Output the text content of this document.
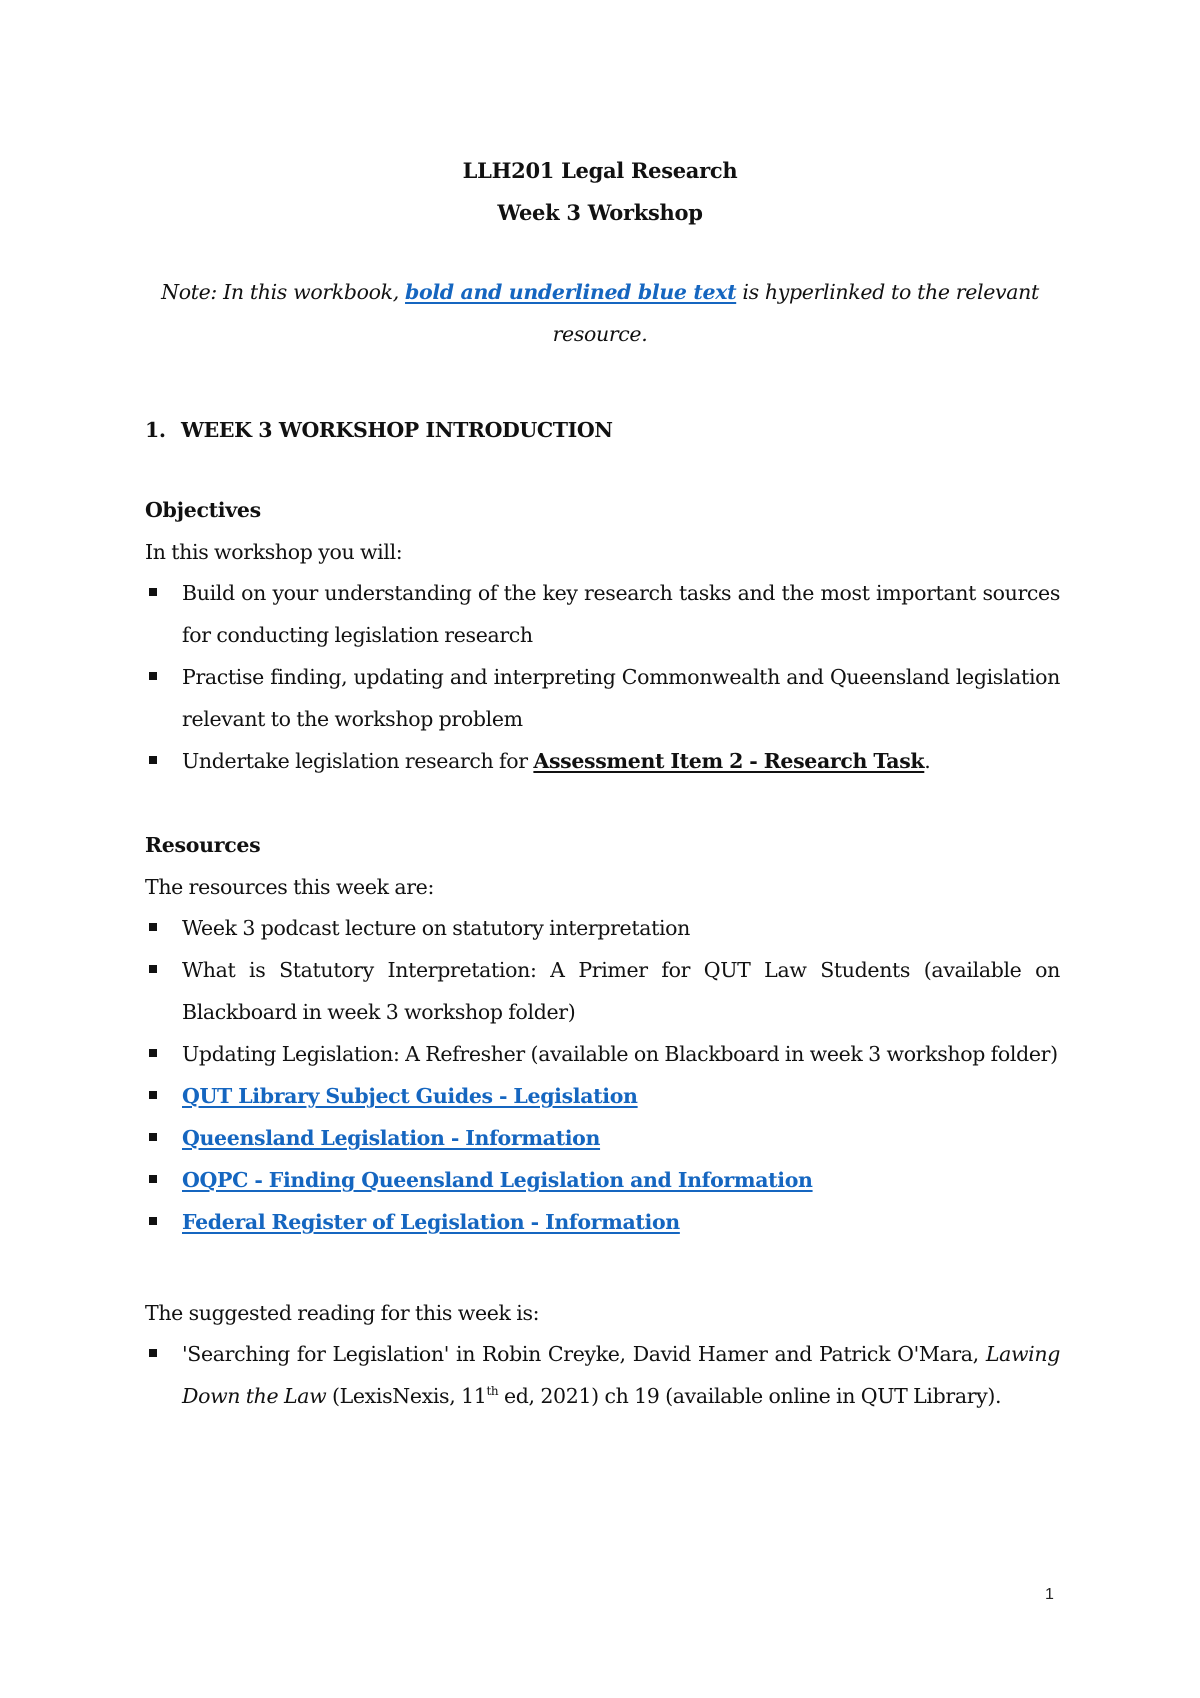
LLH201 Legal Research
Week 3 Workshop
Note: In this workbook, bold and underlined blue text is hyperlinked to the relevant
resource.
1. WEEK 3 WORKSHOP INTRODUCTION
Objectives
In this workshop you will:
Build on your understanding of the key research tasks and the most important sources for conducting legislation research
Practise finding, updating and interpreting Commonwealth and Queensland legislation relevant to the workshop problem
Undertake legislation research for Assessment Item 2 - Research Task.
Resources
The resources this week are:
Week 3 podcast lecture on statutory interpretation
What is Statutory Interpretation: A Primer for QUT Law Students (available on Blackboard in week 3 workshop folder)
Updating Legislation: A Refresher (available on Blackboard in week 3 workshop folder)
QUT Library Subject Guides - Legislation
Queensland Legislation - Information
OQPC - Finding Queensland Legislation and Information
Federal Register of Legislation - Information
The suggested reading for this week is:
'Searching for Legislation' in Robin Creyke, David Hamer and Patrick O'Mara, Lawing Down the Law (LexisNexis, 11th ed, 2021) ch 19 (available online in QUT Library).
1
